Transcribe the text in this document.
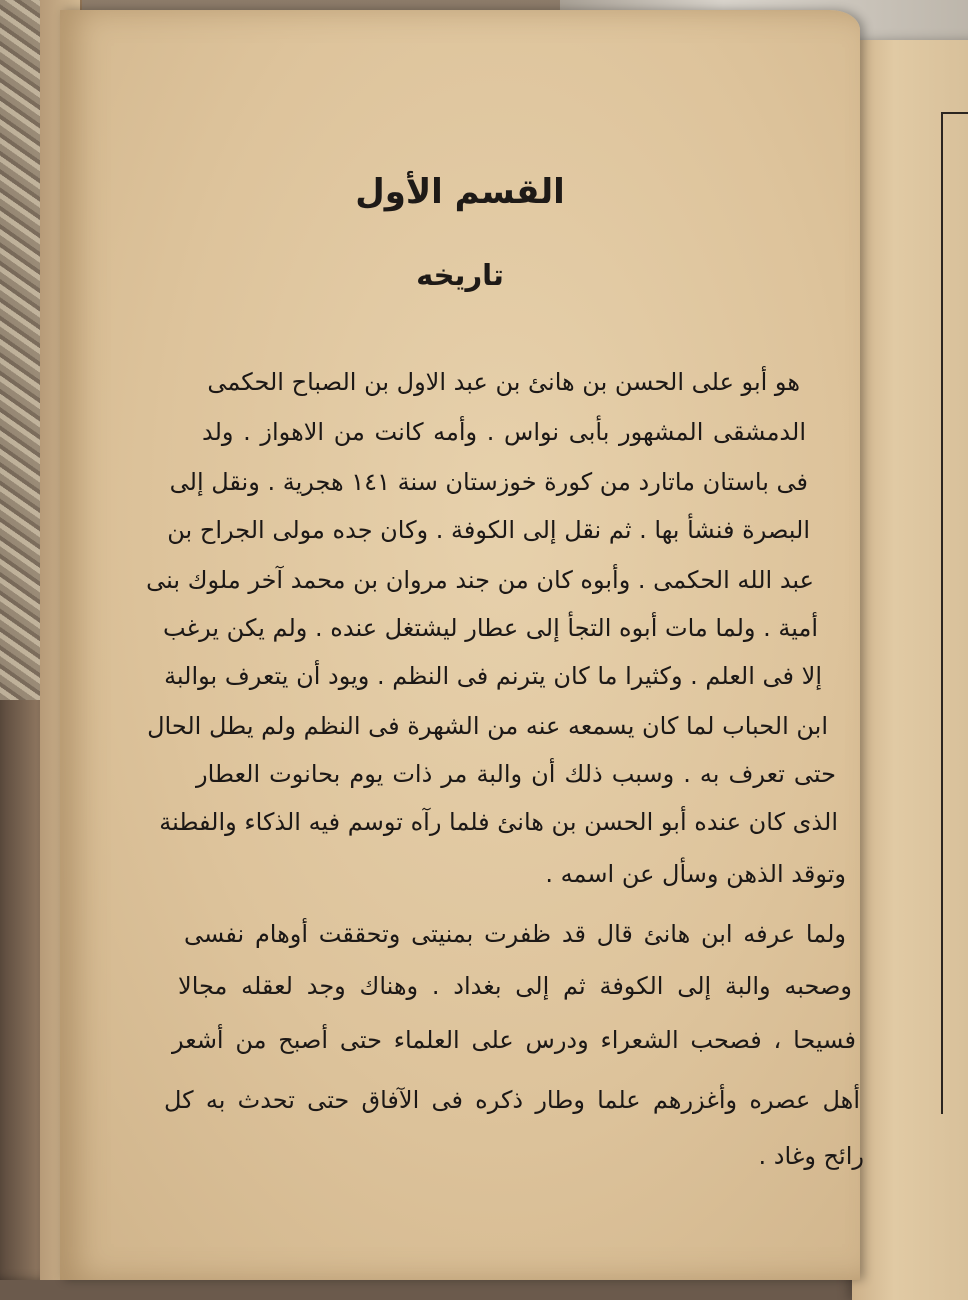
القسم الأول
تاريخه
هو أبو على الحسن بن هانئ بن عبد الاول بن الصباح الحكمى
الدمشقى المشهور بأبى نواس . وأمه كانت من الاهواز . ولد
فى باستان ماتارد من كورة خوزستان سنة ١٤١ هجرية . ونقل إلى
البصرة فنشأ بها . ثم نقل إلى الكوفة . وكان جده مولى الجراح بن
عبد الله الحكمى . وأبوه كان من جند مروان بن محمد آخر ملوك بنى
أمية . ولما مات أبوه التجأ إلى عطار ليشتغل عنده . ولم يكن يرغب
إلا فى العلم . وكثيرا ما كان يترنم فى النظم . ويود أن يتعرف بوالبة
ابن الحباب لما كان يسمعه عنه من الشهرة فى النظم ولم يطل الحال
حتى تعرف به . وسبب ذلك أن والبة مر ذات يوم بحانوت العطار
الذى كان عنده أبو الحسن بن هانئ فلما رآه توسم فيه الذكاء والفطنة
وتوقد الذهن وسأل عن اسمه .
ولما عرفه ابن هانئ قال قد ظفرت بمنيتى وتحققت أوهام نفسى
وصحبه والبة إلى الكوفة ثم إلى بغداد . وهناك وجد لعقله مجالا
فسيحا ، فصحب الشعراء ودرس على العلماء حتى أصبح من أشعر
أهل عصره وأغزرهم علما وطار ذكره فى الآفاق حتى تحدث به كل
رائح وغاد .
